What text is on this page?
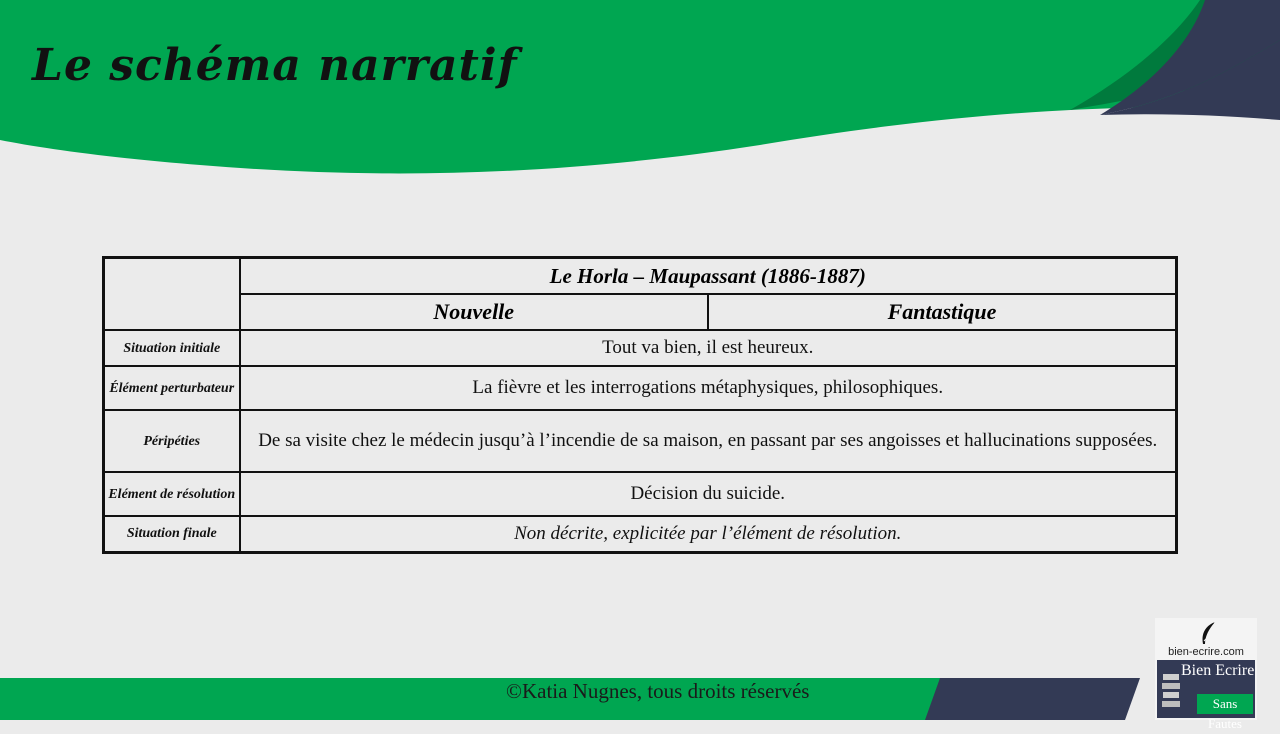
Le schéma narratif
	Le Horla – Maupassant (1886-1887)	
	Nouvelle	Fantastique
Situation initiale	Tout va bien, il est heureux.	
Élément perturbateur	La fièvre et les interrogations métaphysiques, philosophiques.	
Péripéties	De sa visite chez le médecin jusqu’à l’incendie de sa maison, en passant par ses angoisses et hallucinations supposées.	
Elément de résolution	Décision du suicide.	
Situation finale	Non décrite, explicitée par l’élément de résolution.	
©Katia Nugnes, tous droits réservés
bien-ecrire.com
Bien Ecrire
Sans Fautes
